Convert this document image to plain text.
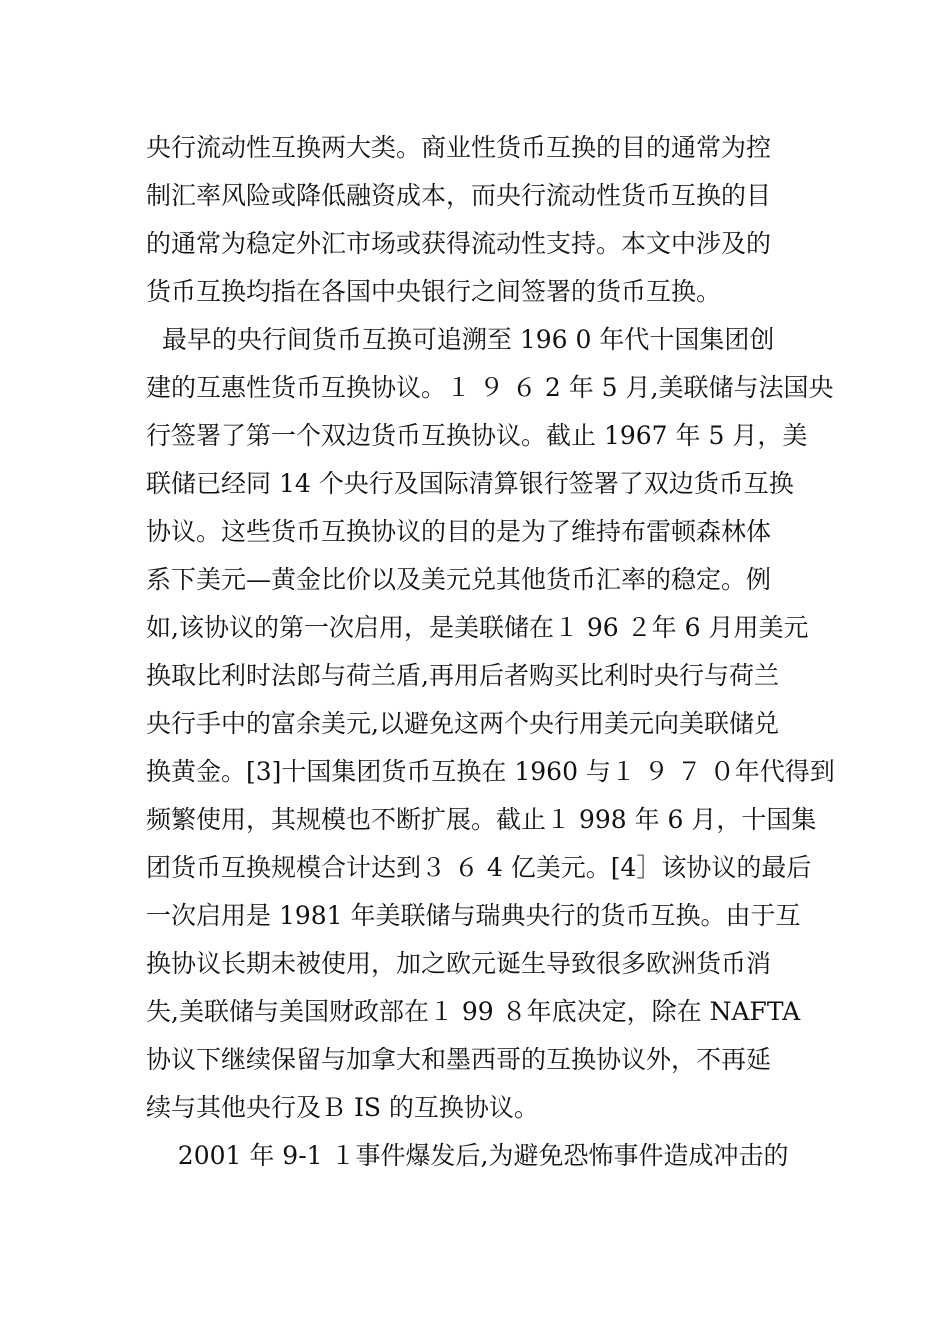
央行流动性互换两大类。商业性货币互换的目的通常为控
制汇率风险或降低融资成本，而央行流动性货币互换的目
的通常为稳定外汇市场或获得流动性支持。本文中涉及的
货币互换均指在各国中央银行之间签署的货币互换。
最早的央行间货币互换可追溯至 196 0 年代十国集团创
建的互惠性货币互换协议。１ ９ ６ 2 年 5 月,美联储与法国央
行签署了第一个双边货币互换协议。截止 1967 年 5 月，美
联储已经同 14 个央行及国际清算银行签署了双边货币互换
协议。这些货币互换协议的目的是为了维持布雷顿森林体
系下美元—黄金比价以及美元兑其他货币汇率的稳定。例
如,该协议的第一次启用，是美联储在１ 96 ２年 6 月用美元
换取比利时法郎与荷兰盾,再用后者购买比利时央行与荷兰
央行手中的富余美元,以避免这两个央行用美元向美联储兑
换黄金。[3]十国集团货币互换在 1960 与１ ９ ７ ０年代得到
频繁使用，其规模也不断扩展。截止１ 998 年 6 月，十国集
团货币互换规模合计达到３ ６ 4 亿美元。[4］该协议的最后
一次启用是 1981 年美联储与瑞典央行的货币互换。由于互
换协议长期未被使用，加之欧元诞生导致很多欧洲货币消
失,美联储与美国财政部在１ 99 ８年底决定，除在 NAFTA
协议下继续保留与加拿大和墨西哥的互换协议外，不再延
续与其他央行及Ｂ IS 的互换协议。
2001 年 9-1 １事件爆发后,为避免恐怖事件造成冲击的
